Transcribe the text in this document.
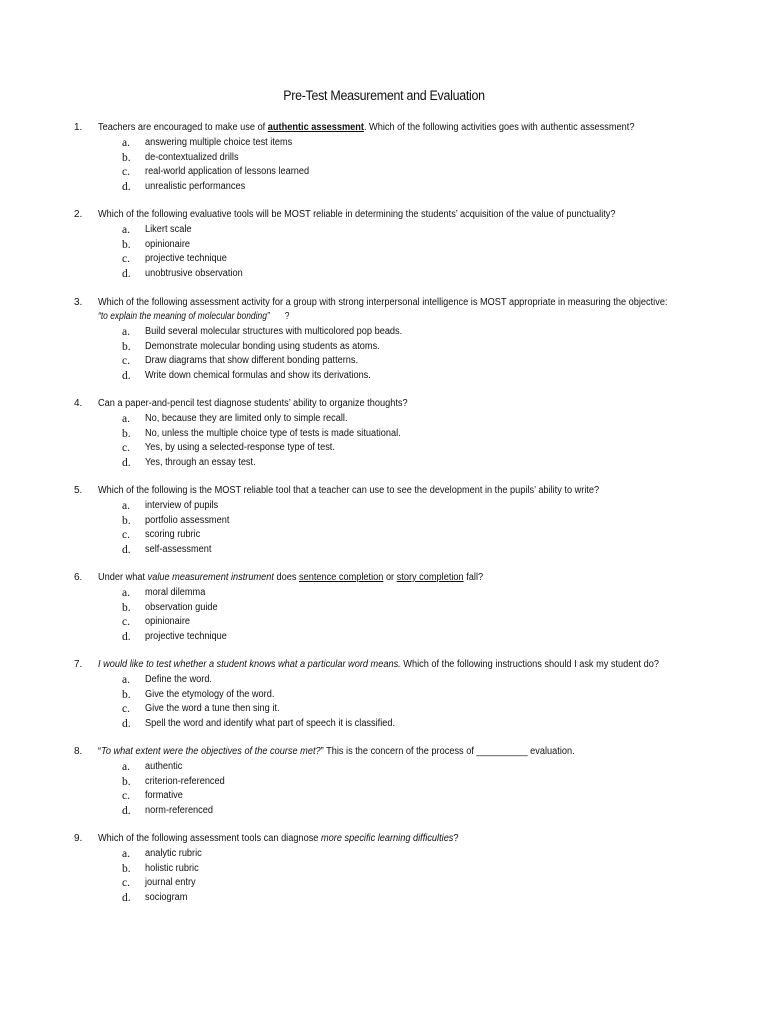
Pre-Test Measurement and Evaluation
1.	Teachers are encouraged to make use of authentic assessment. Which of the following activities goes with authentic assessment?
a. answering multiple choice test items
b. de-contextualized drills
c. real-world application of lessons learned
d. unrealistic performances
2.	Which of the following evaluative tools will be MOST reliable in determining the students’ acquisition of the value of punctuality?
a. Likert scale
b. opinionaire
c. projective technique
d. unobtrusive observation
3.	Which of the following assessment activity for a group with strong interpersonal intelligence is MOST appropriate in measuring the objective:
“to explain the meaning of molecular bonding” ?
a. Build several molecular structures with multicolored pop beads.
b. Demonstrate molecular bonding using students as atoms.
c. Draw diagrams that show different bonding patterns.
d. Write down chemical formulas and show its derivations.
4.	Can a paper-and-pencil test diagnose students’ ability to organize thoughts?
a. No, because they are limited only to simple recall.
b. No, unless the multiple choice type of tests is made situational.
c. Yes, by using a selected-response type of test.
d. Yes, through an essay test.
5.	Which of the following is the MOST reliable tool that a teacher can use to see the development in the pupils’ ability to write?
a. interview of pupils
b. portfolio assessment
c. scoring rubric
d. self-assessment
6.	Under what value measurement instrument does sentence completion or story completion fall?
a. moral dilemma
b. observation guide
c. opinionaire
d. projective technique
7.	I would like to test whether a student knows what a particular word means. Which of the following instructions should I ask my student do?
a. Define the word.
b. Give the etymology of the word.
c. Give the word a tune then sing it.
d. Spell the word and identify what part of speech it is classified.
8.	“To what extent were the objectives of the course met?” This is the concern of the process of __________ evaluation.
a. authentic
b. criterion-referenced
c. formative
d. norm-referenced
9.	Which of the following assessment tools can diagnose more specific learning difficulties?
a. analytic rubric
b. holistic rubric
c. journal entry
d. sociogram
